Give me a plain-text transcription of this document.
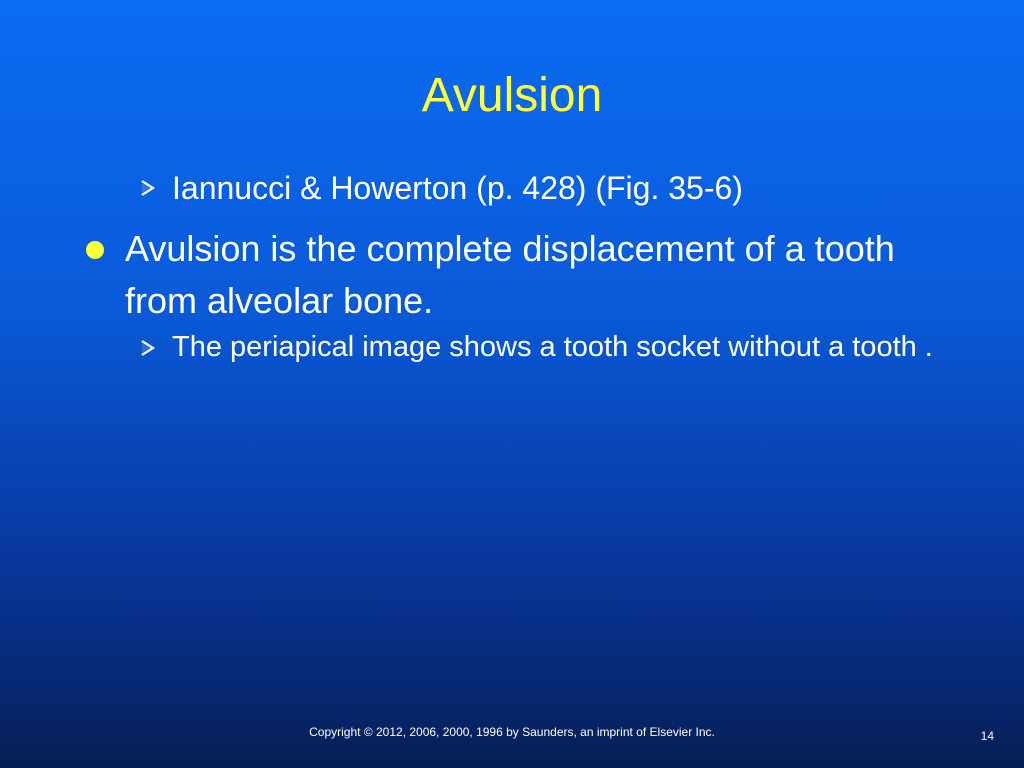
Avulsion
Iannucci & Howerton (p. 428) (Fig. 35-6)
Avulsion is the complete displacement of a tooth from alveolar bone.
The periapical image shows a tooth socket without a tooth .
Copyright © 2012, 2006, 2000, 1996 by Saunders, an imprint of Elsevier Inc.	14
